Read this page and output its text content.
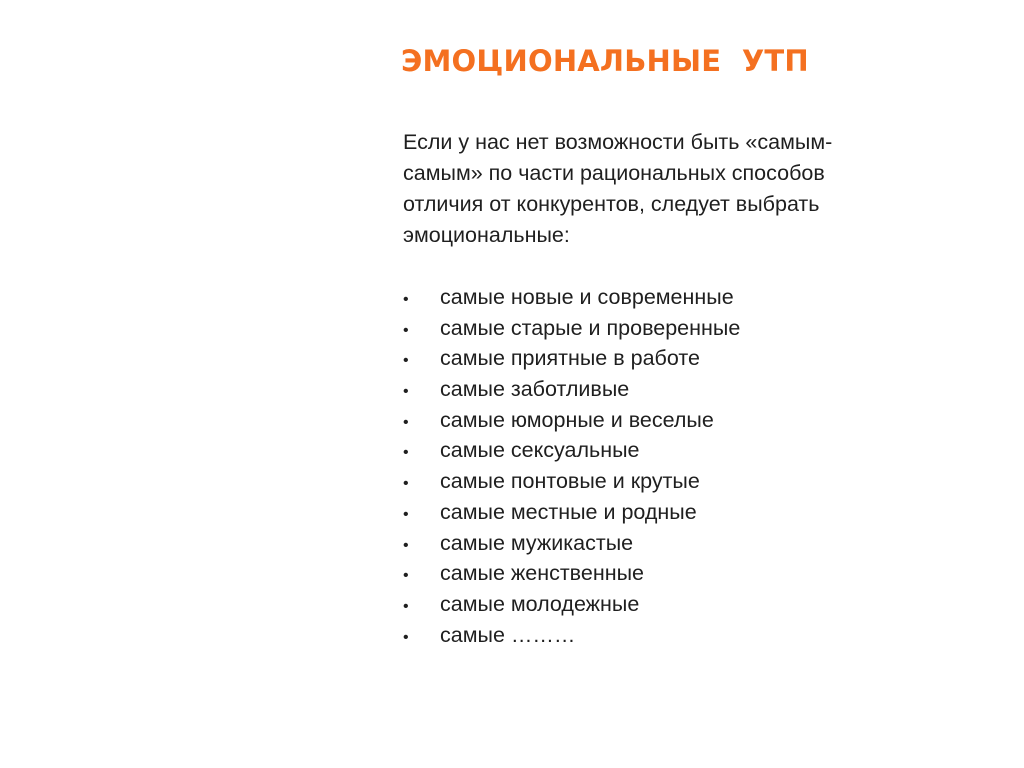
ЭМОЦИОНАЛЬНЫЕ  УТП
Если у нас нет возможности быть «самым-
самым» по части рациональных способов
отличия от конкурентов, следует выбрать
эмоциональные:
•	самые новые и современные
•	самые старые и проверенные
•	самые приятные в работе
•	самые заботливые
•	самые юморные и веселые
•	самые сексуальные
•	самые понтовые и крутые
•	самые местные и родные
•	самые мужикастые
•	самые женственные
•	самые молодежные
•	самые ………
